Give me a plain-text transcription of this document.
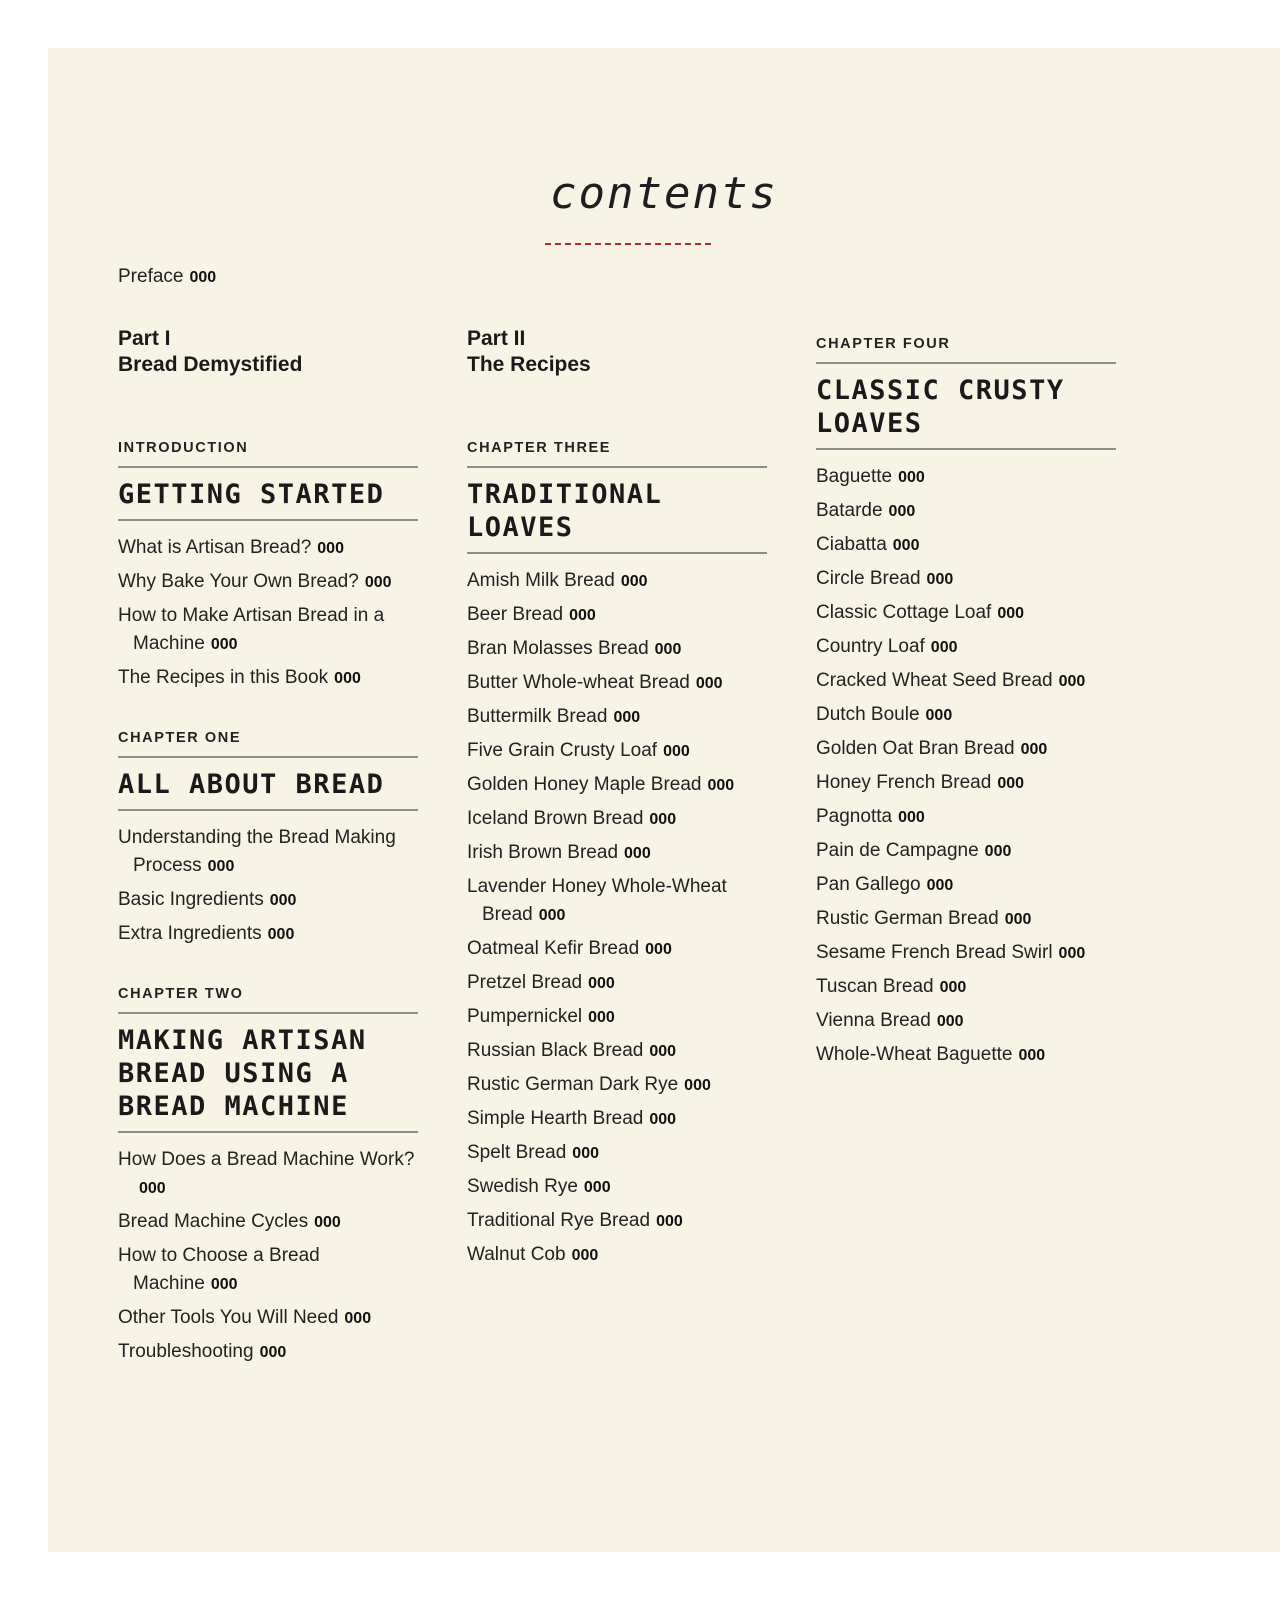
contents
Preface 000

Part I

Bread Demystified

INTRODUCTION

GETTING STARTED

What is Artisan Bread? 000
Why Bake Your Own Bread? 000
How to Make Artisan Bread in a Machine 000
The Recipes in this Book 000

CHAPTER ONE

ALL ABOUT BREAD

Understanding the Bread Making Process 000
Basic Ingredients 000
Extra Ingredients 000

CHAPTER TWO

MAKING ARTISAN BREAD USING A BREAD MACHINE

How Does a Bread Machine Work?000
Bread Machine Cycles 000
How to Choose a Bread Machine 000
Other Tools You Will Need 000
Troubleshooting 000

Part II

The Recipes

CHAPTER THREE

TRADITIONAL LOAVES

Amish Milk Bread 000
Beer Bread 000
Bran Molasses Bread 000
Butter Whole-wheat Bread 000
Buttermilk Bread 000
Five Grain Crusty Loaf 000
Golden Honey Maple Bread 000
Iceland Brown Bread 000
Irish Brown Bread 000
Lavender Honey Whole-Wheat Bread 000
Oatmeal Kefir Bread 000
Pretzel Bread 000
Pumpernickel 000
Russian Black Bread 000
Rustic German Dark Rye 000
Simple Hearth Bread 000
Spelt Bread 000
Swedish Rye 000
Traditional Rye Bread 000
Walnut Cob 000

CHAPTER FOUR

CLASSIC CRUSTY LOAVES

Baguette 000
Batarde 000
Ciabatta 000
Circle Bread 000
Classic Cottage Loaf 000
Country Loaf 000
Cracked Wheat Seed Bread 000
Dutch Boule 000
Golden Oat Bran Bread 000
Honey French Bread 000
Pagnotta 000
Pain de Campagne 000
Pan Gallego 000
Rustic German Bread 000
Sesame French Bread Swirl 000
Tuscan Bread 000
Vienna Bread 000
Whole-Wheat Baguette 000
